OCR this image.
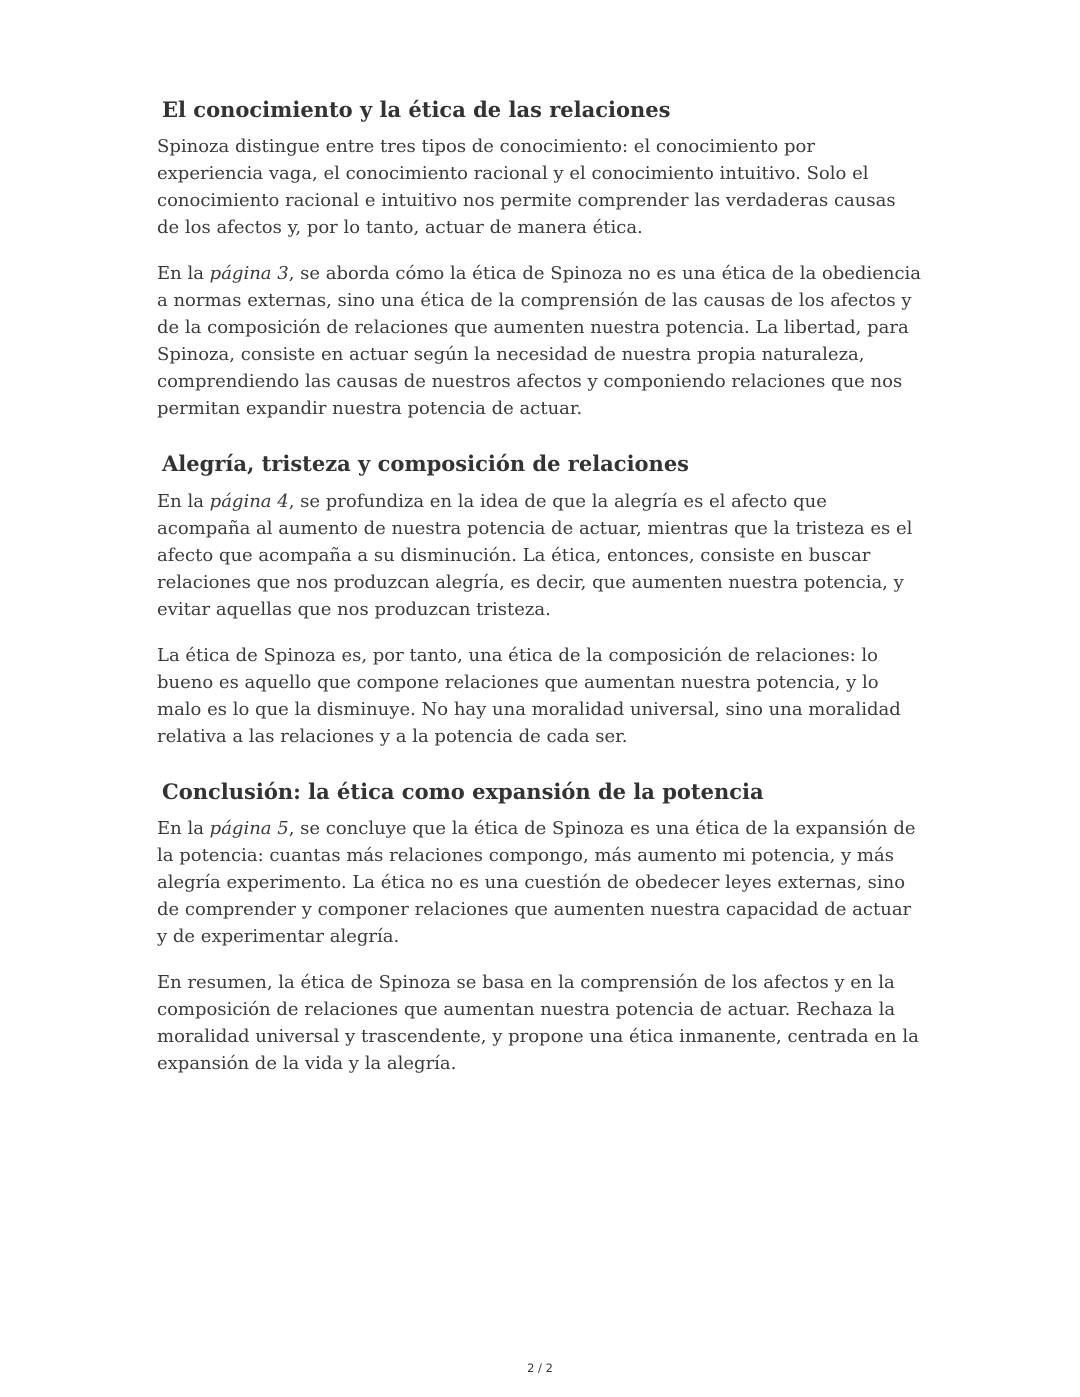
El conocimiento y la ética de las relaciones

Spinoza distingue entre tres tipos de conocimiento: el conocimiento por experiencia vaga, el conocimiento racional y el conocimiento intuitivo. Solo el conocimiento racional e intuitivo nos permite comprender las verdaderas causas de los afectos y, por lo tanto, actuar de manera ética.

En la página 3, se aborda cómo la ética de Spinoza no es una ética de la obediencia a normas externas, sino una ética de la comprensión de las causas de los afectos y de la composición de relaciones que aumenten nuestra potencia. La libertad, para Spinoza, consiste en actuar según la necesidad de nuestra propia naturaleza, comprendiendo las causas de nuestros afectos y componiendo relaciones que nos permitan expandir nuestra potencia de actuar.

Alegría, tristeza y composición de relaciones

En la página 4, se profundiza en la idea de que la alegría es el afecto que acompaña al aumento de nuestra potencia de actuar, mientras que la tristeza es el afecto que acompaña a su disminución. La ética, entonces, consiste en buscar relaciones que nos produzcan alegría, es decir, que aumenten nuestra potencia, y evitar aquellas que nos produzcan tristeza.

La ética de Spinoza es, por tanto, una ética de la composición de relaciones: lo bueno es aquello que compone relaciones que aumentan nuestra potencia, y lo malo es lo que la disminuye. No hay una moralidad universal, sino una moralidad relativa a las relaciones y a la potencia de cada ser.

Conclusión: la ética como expansión de la potencia

En la página 5, se concluye que la ética de Spinoza es una ética de la expansión de la potencia: cuantas más relaciones compongo, más aumento mi potencia, y más alegría experimento. La ética no es una cuestión de obedecer leyes externas, sino de comprender y componer relaciones que aumenten nuestra capacidad de actuar y de experimentar alegría.

En resumen, la ética de Spinoza se basa en la comprensión de los afectos y en la composición de relaciones que aumentan nuestra potencia de actuar. Rechaza la moralidad universal y trascendente, y propone una ética inmanente, centrada en la expansión de la vida y la alegría.

2 / 2
